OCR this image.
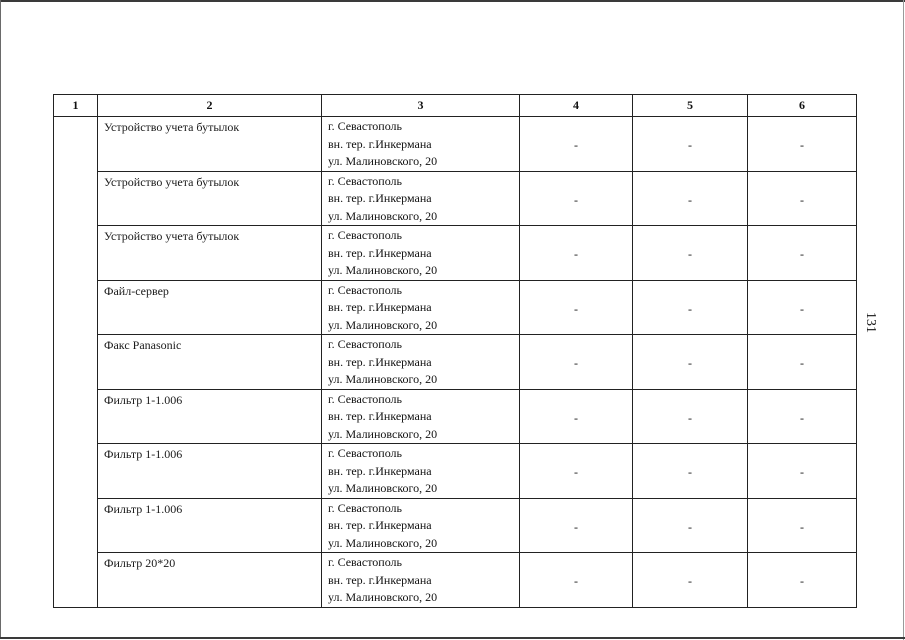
1	2	3	4	5	6
	Устройство учета бутылок	г. Севастополь
вн. тер. г.Инкермана
ул. Малиновского, 20	-	-	-
	Устройство учета бутылок	г. Севастополь
вн. тер. г.Инкермана
ул. Малиновского, 20	-	-	-
	Устройство учета бутылок	г. Севастополь
вн. тер. г.Инкермана
ул. Малиновского, 20	-	-	-
	Файл-сервер	г. Севастополь
вн. тер. г.Инкермана
ул. Малиновского, 20	-	-	-
	Факс Panasonic	г. Севастополь
вн. тер. г.Инкермана
ул. Малиновского, 20	-	-	-
	Фильтр 1-1.006	г. Севастополь
вн. тер. г.Инкермана
ул. Малиновского, 20	-	-	-
	Фильтр 1-1.006	г. Севастополь
вн. тер. г.Инкермана
ул. Малиновского, 20	-	-	-
	Фильтр 1-1.006	г. Севастополь
вн. тер. г.Инкермана
ул. Малиновского, 20	-	-	-
	Фильтр 20*20	г. Севастополь
вн. тер. г.Инкермана
ул. Малиновского, 20	-	-	-
131
